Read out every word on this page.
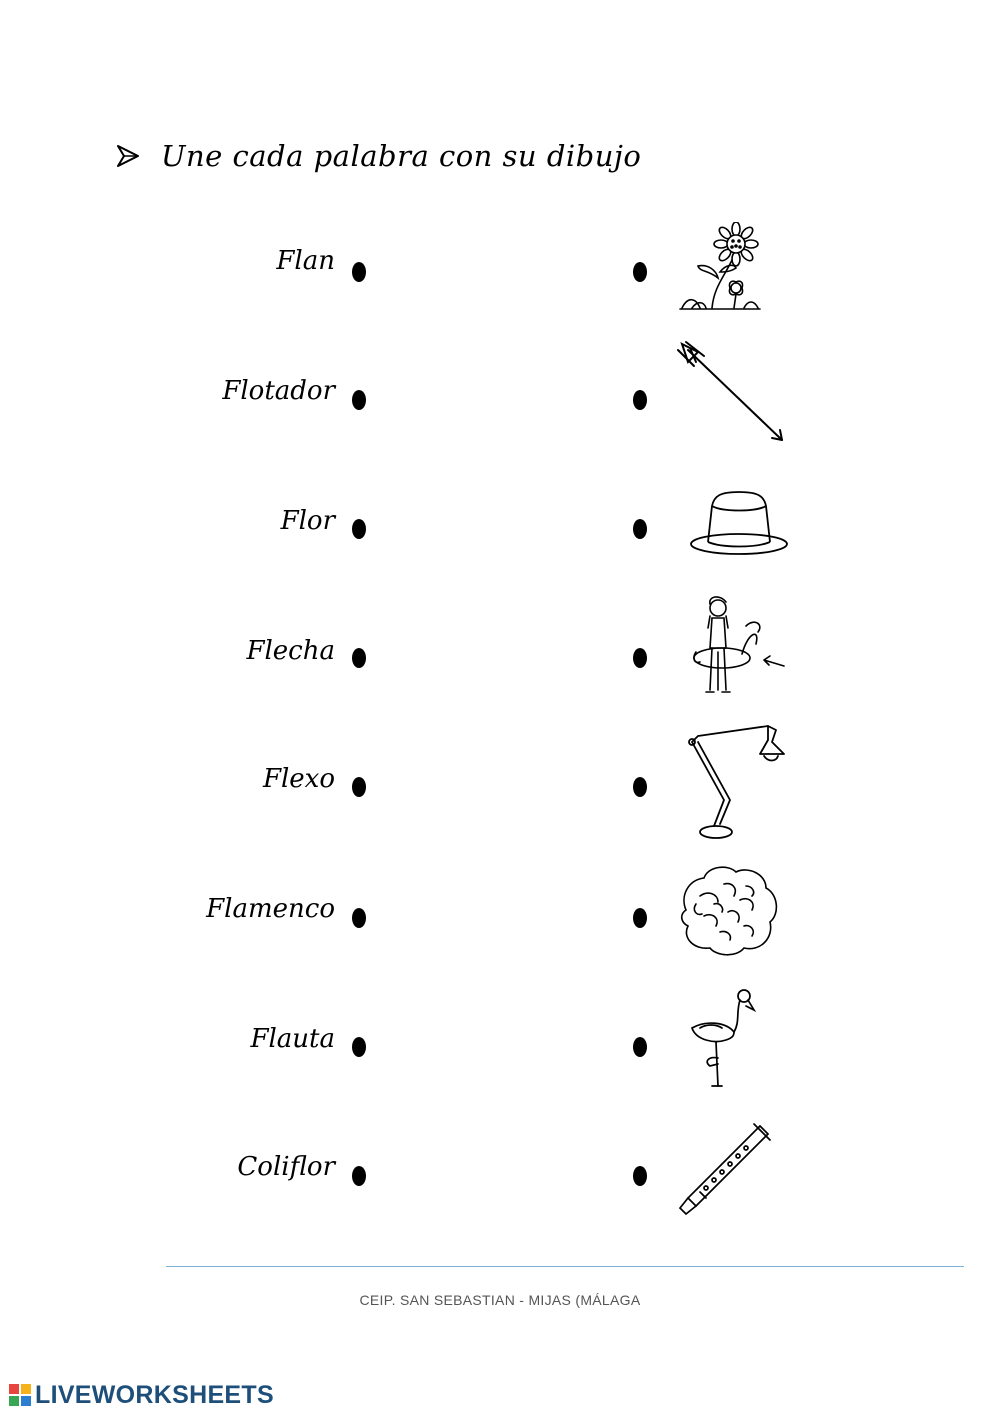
Une cada palabra con su dibujo
Flan
Flotador
Flor
Flecha
Flexo
Flamenco
Flauta
Coliflor
CEIP. SAN SEBASTIAN - MIJAS (MÁLAGA
LIVEWORKSHEETS
